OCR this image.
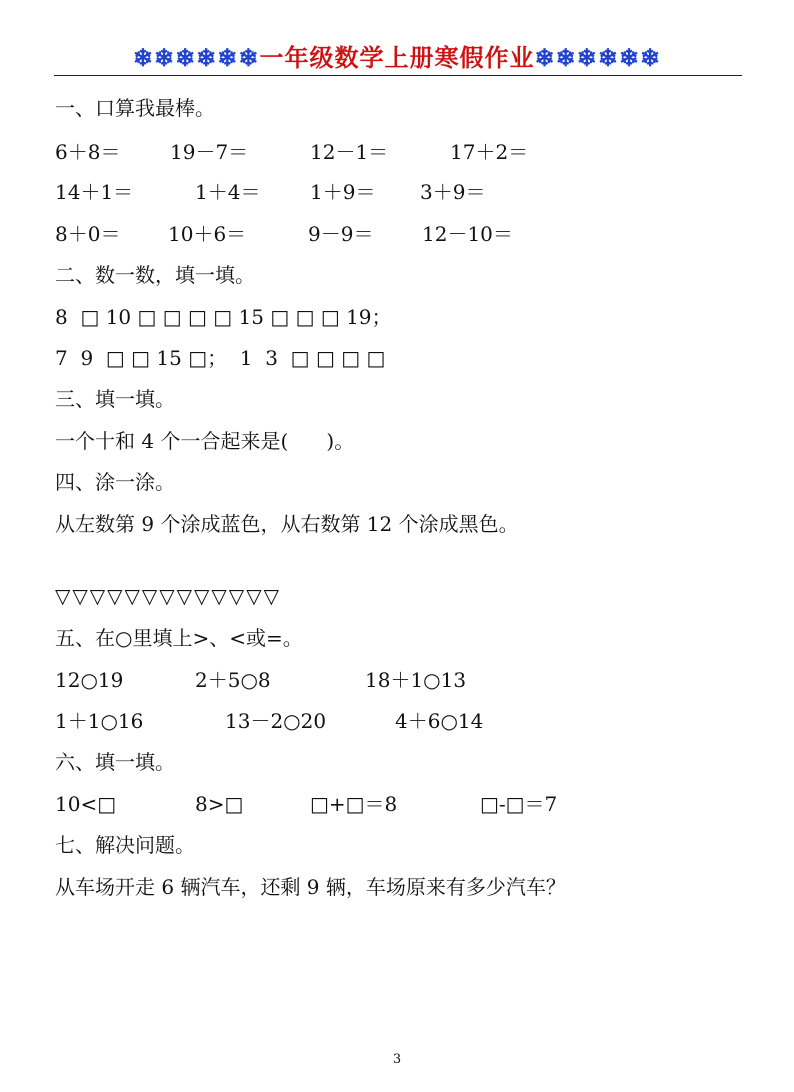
❄❄❄❄❄❄一年级数学上册寒假作业❄❄❄❄❄❄
一、口算我最棒。
6＋8＝ 19－7＝	12－1＝	17＋2＝
14＋1＝	1＋4＝ 1＋9＝ 3＋9＝
8＋0＝ 10＋6＝	9－9＝ 12－10＝
二、数一数，填一填。
8  □ 10 □ □ □ □ 15 □ □ □ 19；
7  9  □ □ 15 □；  1  3  □ □ □ □
三、填一填。
一个十和 4 个一合起来是(      )。
四、涂一涂。
从左数第 9 个涂成蓝色，从右数第 12 个涂成黑色。
▽▽▽▽▽▽▽▽▽▽▽▽▽
五、在○里填上>、<或=。
12○19	2＋5○8	18＋1○13
1＋1○16	13－2○20	4＋6○14
六、填一填。
10<□	8>□	□+□＝8	□-□＝7
七、解决问题。
从车场开走 6 辆汽车，还剩 9 辆，车场原来有多少汽车？
3
